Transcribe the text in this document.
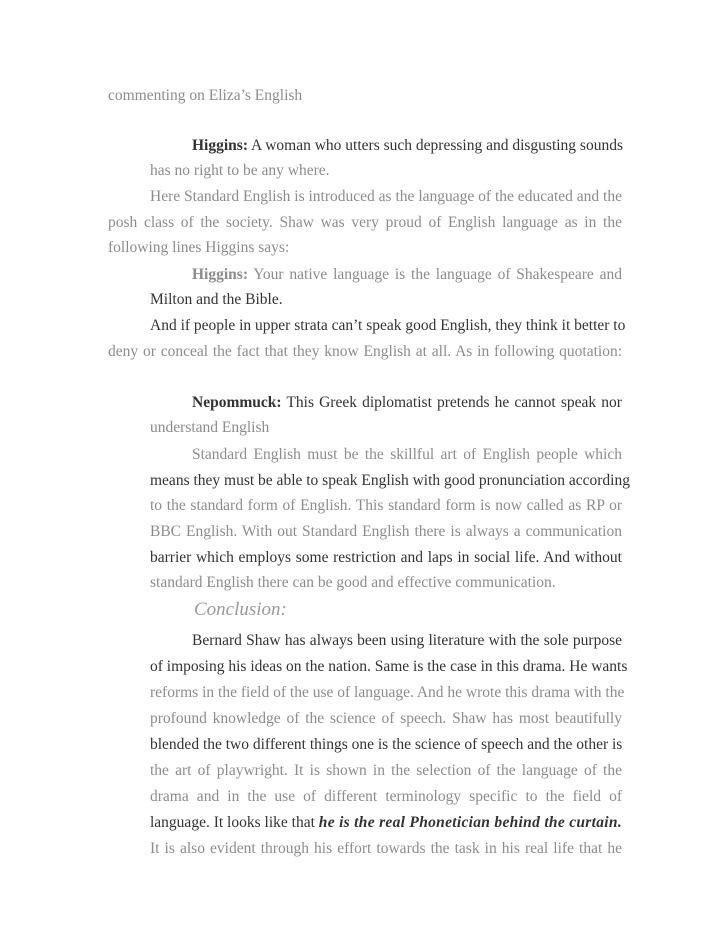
commenting on Eliza’s English
Higgins: A woman who utters such depressing and disgusting sounds
has no right to be any where.
Here Standard English is introduced as the language of the educated and the
posh class of the society. Shaw was very proud of English language as in the
following lines Higgins says:
Higgins: Your native language is the language of Shakespeare and
Milton and the Bible.
And if people in upper strata can’t speak good English, they think it better to
deny or conceal the fact that they know English at all. As in following quotation:
Nepommuck: This Greek diplomatist pretends he cannot speak nor
understand English
Standard English must be the skillful art of English people which
means they must be able to speak English with good pronunciation according
to the standard form of English. This standard form is now called as RP or
BBC English. With out Standard English there is always a communication
barrier which employs some restriction and laps in social life. And without
standard English there can be good and effective communication.
Conclusion:
Bernard Shaw has always been using literature with the sole purpose
of imposing his ideas on the nation. Same is the case in this drama. He wants
reforms in the field of the use of language. And he wrote this drama with the
profound knowledge of the science of speech. Shaw has most beautifully
blended the two different things one is the science of speech and the other is
the art of playwright. It is shown in the selection of the language of the
drama and in the use of different terminology specific to the field of
language. It looks like that he is the real Phonetician behind the curtain.
It is also evident through his effort towards the task in his real life that he
